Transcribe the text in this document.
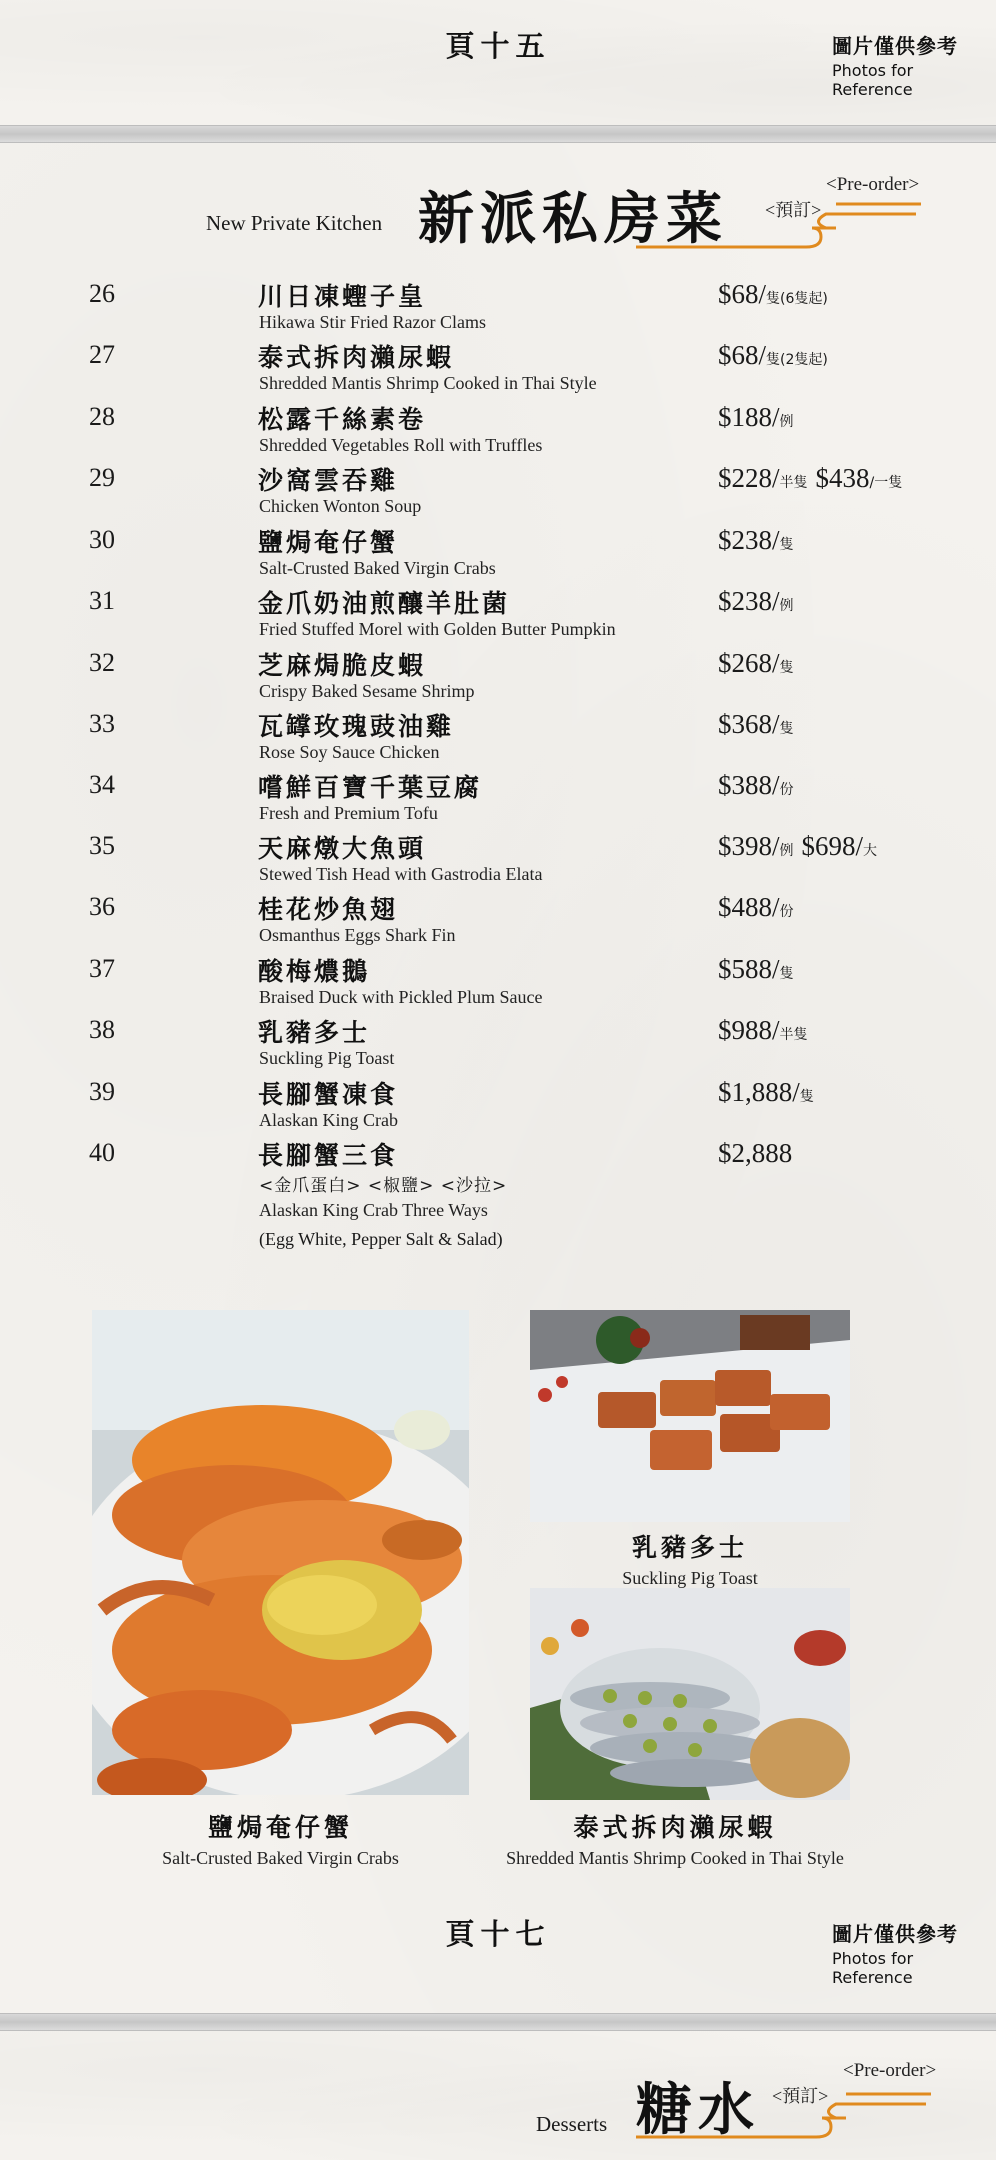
頁十五	圖片僅供參考
Photos for Reference
New Private Kitchen 新派私房菜 <預訂>
<Pre-order>
26	川日凍蟶子皇
Hikawa Stir Fried Razor Clams
$68/隻(6隻起)
27	泰式拆肉瀨尿蝦
Shredded Mantis Shrimp Cooked in Thai Style
$68/隻(2隻起)
28	松露千絲素卷
Shredded Vegetables Roll with Truffles
$188/例
29	沙窩雲吞雞
Chicken Wonton Soup
$228/半隻 $438/一隻
30	鹽焗奄仔蟹
Salt-Crusted Baked Virgin Crabs
$238/隻
31	金爪奶油煎釀羊肚菌
Fried Stuffed Morel with Golden Butter Pumpkin
$238/例
32	芝麻焗脆皮蝦
Crispy Baked Sesame Shrimp
$268/隻
33	瓦罉玫瑰豉油雞
Rose Soy Sauce Chicken
$368/隻
34	嚐鮮百寶千葉豆腐
Fresh and Premium Tofu
$388/份
35	天麻燉大魚頭
Stewed Tish Head with Gastrodia Elata
$398/例 $698/大
36	桂花炒魚翅
Osmanthus Eggs Shark Fin
$488/份
37	酸梅燶鵝
Braised Duck with Pickled Plum Sauce
$588/隻
38	乳豬多士
Suckling Pig Toast
$988/半隻
39	長腳蟹凍食
Alaskan King Crab
$1,888/隻
40	長腳蟹三食
<金爪蛋白> <椒鹽> <沙拉>
Alaskan King Crab Three Ways
(Egg White, Pepper Salt & Salad)
$2,888
鹽焗奄仔蟹
Salt-Crusted Baked Virgin Crabs
乳豬多士
Suckling Pig Toast
泰式拆肉瀨尿蝦
Shredded Mantis Shrimp Cooked in Thai Style
頁十七	圖片僅供參考
Photos for Reference
Desserts 糖水 <預訂>
<Pre-order>
